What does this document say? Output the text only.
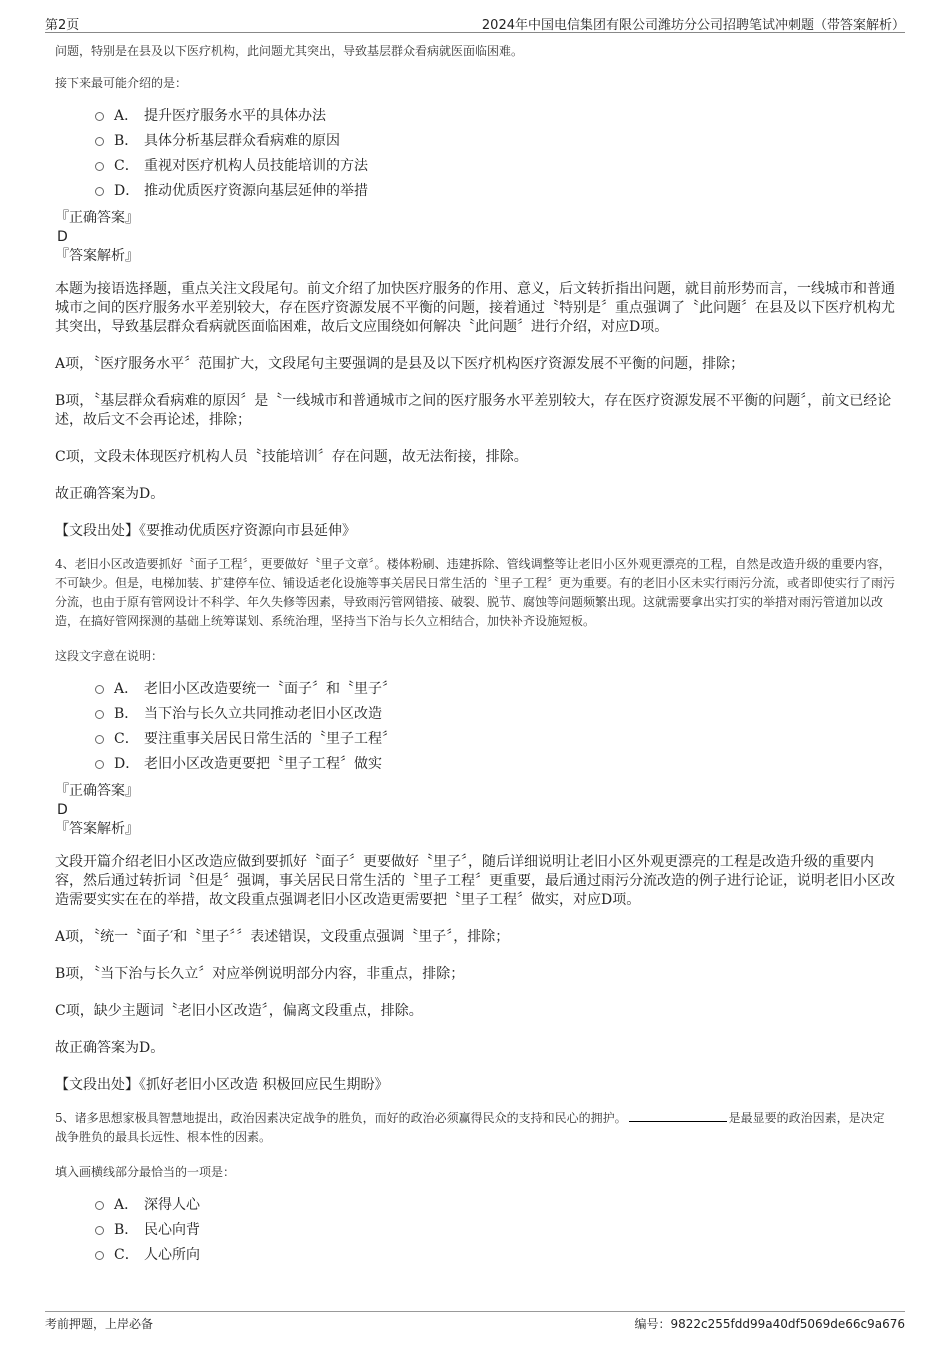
第2页	2024年中国电信集团有限公司潍坊分公司招聘笔试冲刺题（带答案解析）

问题，特别是在县及以下医疗机构，此问题尤其突出，导致基层群众看病就医面临困难。

接下来最可能介绍的是：

A． 提升医疗服务水平的具体办法
B． 具体分析基层群众看病难的原因
C． 重视对医疗机构人员技能培训的方法
D． 推动优质医疗资源向基层延伸的举措

『正确答案』

D

『答案解析』

本题为接语选择题，重点关注文段尾句。前文介绍了加快医疗服务的作用、意义，后文转折指出问题，就目前形势而言，一线城市和普通城市之间的医疗服务水平差别较大，存在医疗资源发展不平衡的问题，接着通过〝特别是〞重点强调了〝此问题〞在县及以下医疗机构尤其突出，导致基层群众看病就医面临困难，故后文应围绕如何解决〝此问题〞进行介绍，对应D项。

A项，〝医疗服务水平〞范围扩大，文段尾句主要强调的是县及以下医疗机构医疗资源发展不平衡的问题，排除；

B项，〝基层群众看病难的原因〞是〝一线城市和普通城市之间的医疗服务水平差别较大，存在医疗资源发展不平衡的问题〞，前文已经论述，故后文不会再论述，排除；

C项，文段未体现医疗机构人员〝技能培训〞存在问题，故无法衔接，排除。

故正确答案为D。

【文段出处】《要推动优质医疗资源向市县延伸》

4、老旧小区改造要抓好〝面子工程〞，更要做好〝里子文章〞。楼体粉刷、违建拆除、管线调整等让老旧小区外观更漂亮的工程，自然是改造升级的重要内容，不可缺少。但是，电梯加装、扩建停车位、铺设适老化设施等事关居民日常生活的〝里子工程〞更为重要。有的老旧小区未实行雨污分流，或者即使实行了雨污分流，也由于原有管网设计不科学、年久失修等因素，导致雨污管网错接、破裂、脱节、腐蚀等问题频繁出现。这就需要拿出实打实的举措对雨污管道加以改造，在搞好管网探测的基础上统筹谋划、系统治理，坚持当下治与长久立相结合，加快补齐设施短板。

这段文字意在说明：

A． 老旧小区改造要统一〝面子〞和〝里子〞
B． 当下治与长久立共同推动老旧小区改造
C． 要注重事关居民日常生活的〝里子工程〞
D． 老旧小区改造更要把〝里子工程〞做实

『正确答案』

D

『答案解析』

文段开篇介绍老旧小区改造应做到要抓好〝面子〞更要做好〝里子〞，随后详细说明让老旧小区外观更漂亮的工程是改造升级的重要内容，然后通过转折词〝但是〞强调，事关居民日常生活的〝里子工程〞更重要，最后通过雨污分流改造的例子进行论证，说明老旧小区改造需要实实在在的举措，故文段重点强调老旧小区改造更需要把〝里子工程〞做实，对应D项。

A项，〝统一〝面子′和〝里子〞〞表述错误，文段重点强调〝里子〞，排除；

B项，〝当下治与长久立〞对应举例说明部分内容，非重点，排除；

C项，缺少主题词〝老旧小区改造〞，偏离文段重点，排除。

故正确答案为D。

【文段出处】《抓好老旧小区改造 积极回应民生期盼》

5、诸多思想家极具智慧地提出，政治因素决定战争的胜负，而好的政治必须赢得民众的支持和民心的拥护。	是最显要的政治因素，是决定战争胜负的最具长远性、根本性的因素。

填入画横线部分最恰当的一项是：

A． 深得人心
B． 民心向背
C． 人心所向
考前押题，上岸必备	编号：9822c255fdd99a40df5069de66c9a676
